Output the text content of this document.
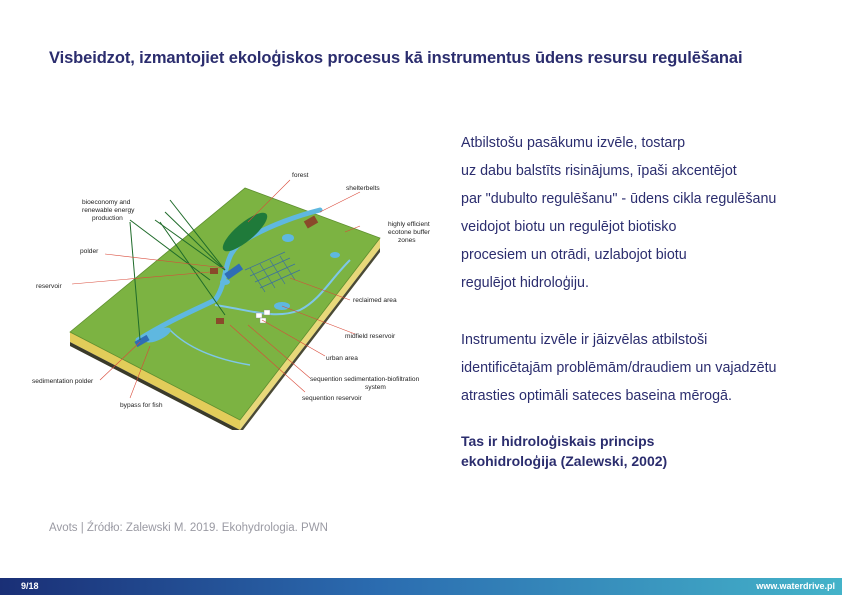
Visbeidzot, izmantojiet ekoloģiskos procesus kā instrumentus ūdens resursu regulēšanai
forest
shelterbelts
bioeconomy and renewable energy production
highly efficient ecotone buffer zones
polder
reservoir
reclaimed area
midfield reservoir
urban area
sequention sedimentation-biofiltration system
sequention reservoir
sedimentation polder
bypass for fish

Atbilstošu pasākumu izvēle, tostarp
uz dabu balstīts risinājums, īpaši akcentējot
par "dubulto regulēšanu" - ūdens cikla regulēšanu
veidojot biotu un regulējot biotisko
procesiem un otrādi, uzlabojot biotu
regulējot hidroloģiju.

Instrumentu izvēle ir jāizvēlas atbilstoši
identificētajām problēmām/draudiem un vajadzētu
atrasties optimāli sateces baseina mērogā.

Tas ir hidroloģiskais princips
ekohidroloģija (Zalewski, 2002)

Avots | Źródło: Zalewski M. 2019. Ekohydrologia. PWN
9/18	www.waterdrive.pl
